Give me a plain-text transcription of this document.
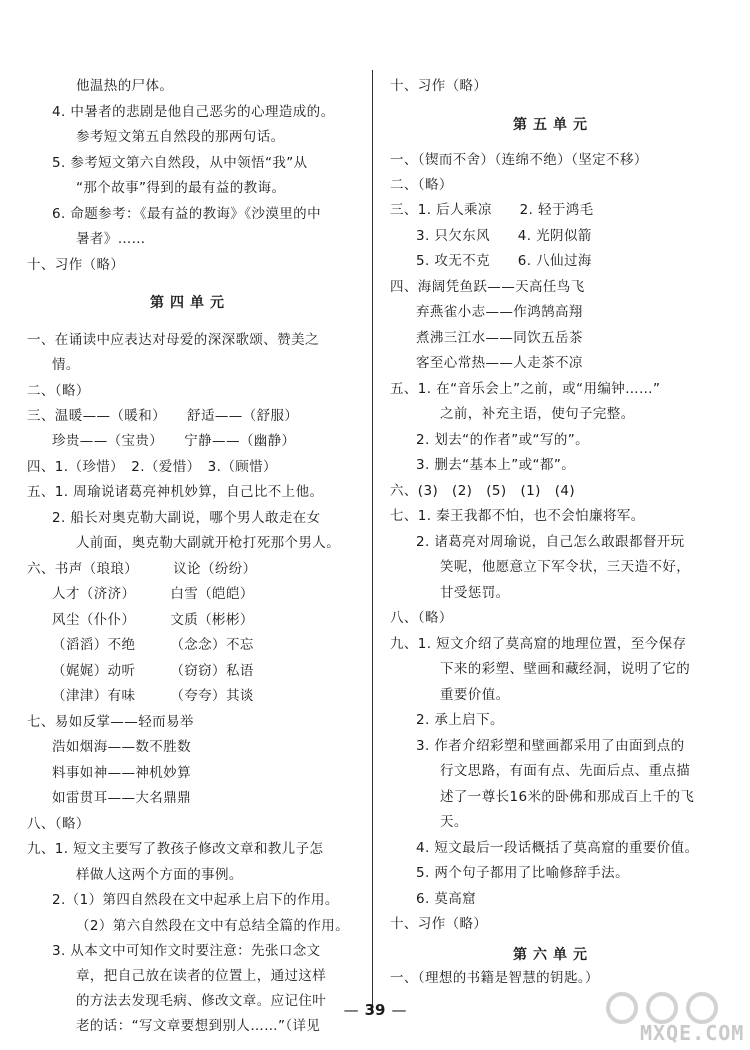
他温热的尸体。
4. 中暑者的悲剧是他自己恶劣的心理造成的。
参考短文第五自然段的那两句话。
5. 参考短文第六自然段，从中领悟“我”从
“那个故事”得到的最有益的教诲。
6. 命题参考：《最有益的教诲》《沙漠里的中
暑者》……
十、习作（略）
第四单元
一、在诵读中应表达对母爱的深深歌颂、赞美之
情。
二、（略）
三、温暖——（暖和）　　舒适——（舒服）
珍贵——（宝贵）　　宁静——（幽静）
四、1.（珍惜）　2.（爱惜）　3.（顾惜）
五、1. 周瑜说诸葛亮神机妙算，自己比不上他。
2. 船长对奥克勒大副说，哪个男人敢走在女
人前面，奥克勒大副就开枪打死那个男人。
六、书声（琅琅）　　　议论（纷纷）
人才（济济）　　　白雪（皑皑）
风尘（仆仆）　　　文质（彬彬）
（滔滔）不绝　　　（念念）不忘
（娓娓）动听　　　（窃窃）私语
（津津）有味　　　（夸夸）其谈
七、易如反掌——轻而易举
浩如烟海——数不胜数
料事如神——神机妙算
如雷贯耳——大名鼎鼎
八、（略）
九、1. 短文主要写了教孩子修改文章和教儿子怎
样做人这两个方面的事例。
2.（1）第四自然段在文中起承上启下的作用。
（2）第六自然段在文中有总结全篇的作用。
3. 从本文中可知作文时要注意：先张口念文
章，把自己放在读者的位置上，通过这样
的方法去发现毛病、修改文章。应记住叶
老的话：“写文章要想到别人……”（详见
十、习作（略）
第五单元
一、（锲而不舍）（连绵不绝）（坚定不移）
二、（略）
三、1. 后人乘凉　　2. 轻于鸿毛
3. 只欠东风　　4. 光阴似箭
5. 攻无不克　　6. 八仙过海
四、海阔凭鱼跃——天高任鸟飞
弃燕雀小志——作鸿鹄高翔
煮沸三江水——同饮五岳茶
客至心常热——人走茶不凉
五、1. 在“音乐会上”之前，或“用编钟……”
之前，补充主语，使句子完整。
2. 划去“的作者”或“写的”。
3. 删去“基本上”或“都”。
六、(3)　(2)　(5)　(1)　(4)
七、1. 秦王我都不怕，也不会怕廉将军。
2. 诸葛亮对周瑜说，自己怎么敢跟都督开玩
笑呢，他愿意立下军令状，三天造不好，
甘受惩罚。
八、（略）
九、1. 短文介绍了莫高窟的地理位置，至今保存
下来的彩塑、壁画和藏经洞，说明了它的
重要价值。
2. 承上启下。
3. 作者介绍彩塑和壁画都采用了由面到点的
行文思路，有面有点、先面后点、重点描
述了一尊长16米的卧佛和那成百上千的飞
天。
4. 短文最后一段话概括了莫高窟的重要价值。
5. 两个句子都用了比喻修辞手法。
6. 莫高窟
十、习作（略）
第六单元
一、（理想的书籍是智慧的钥匙。）
— 39 —
MXQE.COM
